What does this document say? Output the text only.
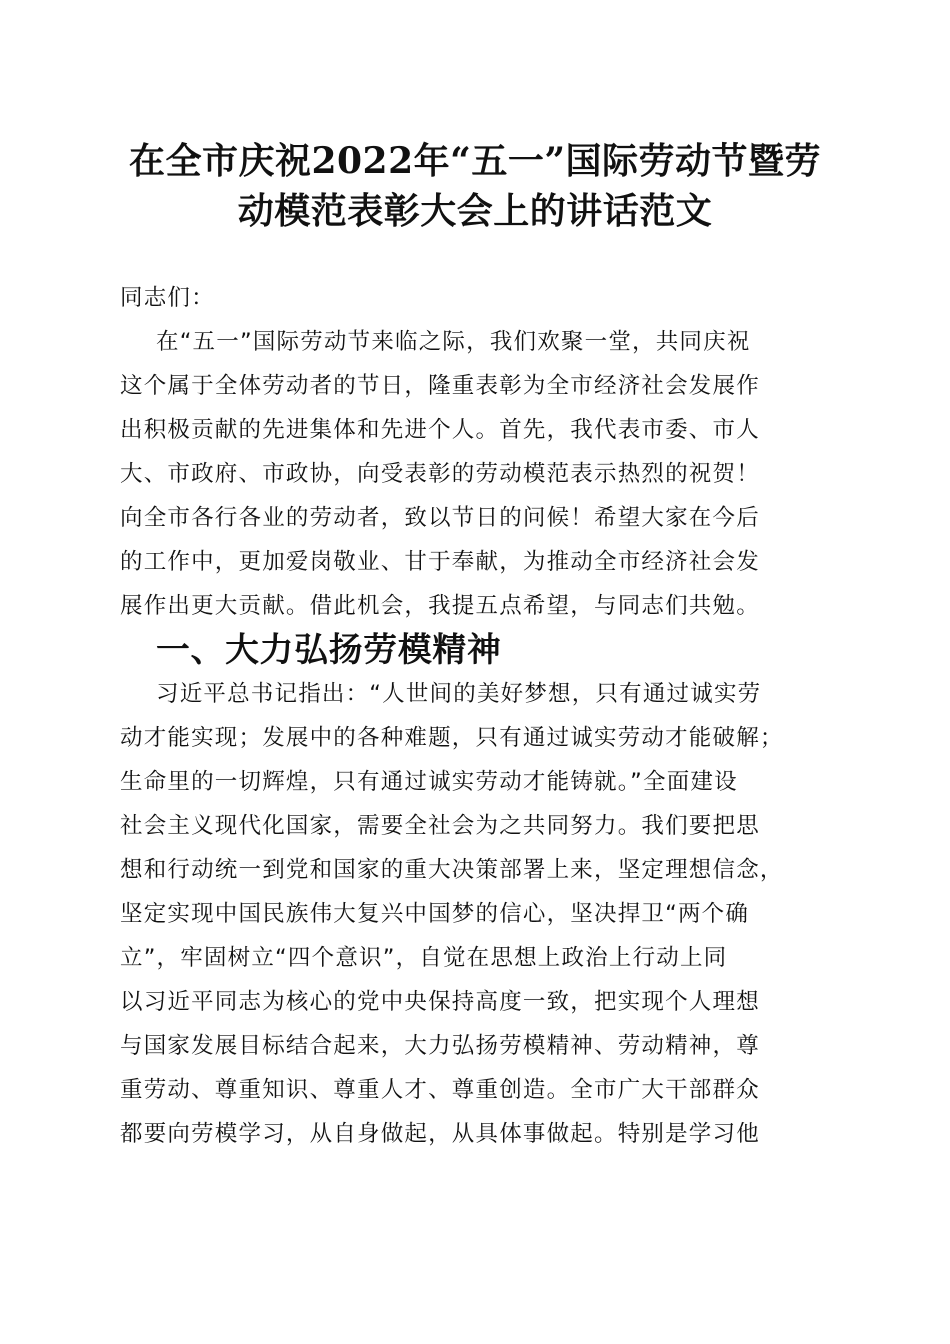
在全市庆祝2022年“五一”国际劳动节暨劳
动模范表彰大会上的讲话范文

同志们：

在“五一”国际劳动节来临之际，我们欢聚一堂，共同庆祝
这个属于全体劳动者的节日，隆重表彰为全市经济社会发展作
出积极贡献的先进集体和先进个人。首先，我代表市委、市人
大、市政府、市政协，向受表彰的劳动模范表示热烈的祝贺！
向全市各行各业的劳动者，致以节日的问候！希望大家在今后
的工作中，更加爱岗敬业、甘于奉献，为推动全市经济社会发
展作出更大贡献。借此机会，我提五点希望，与同志们共勉。

一、大力弘扬劳模精神

习近平总书记指出：“人世间的美好梦想，只有通过诚实劳
动才能实现；发展中的各种难题，只有通过诚实劳动才能破解；
生命里的一切辉煌，只有通过诚实劳动才能铸就。”全面建设
社会主义现代化国家，需要全社会为之共同努力。我们要把思
想和行动统一到党和国家的重大决策部署上来，坚定理想信念，
坚定实现中国民族伟大复兴中国梦的信心，坚决捍卫“两个确
立”，牢固树立“四个意识”，自觉在思想上政治上行动上同
以习近平同志为核心的党中央保持高度一致，把实现个人理想
与国家发展目标结合起来，大力弘扬劳模精神、劳动精神，尊
重劳动、尊重知识、尊重人才、尊重创造。全市广大干部群众
都要向劳模学习，从自身做起，从具体事做起。特别是学习他
